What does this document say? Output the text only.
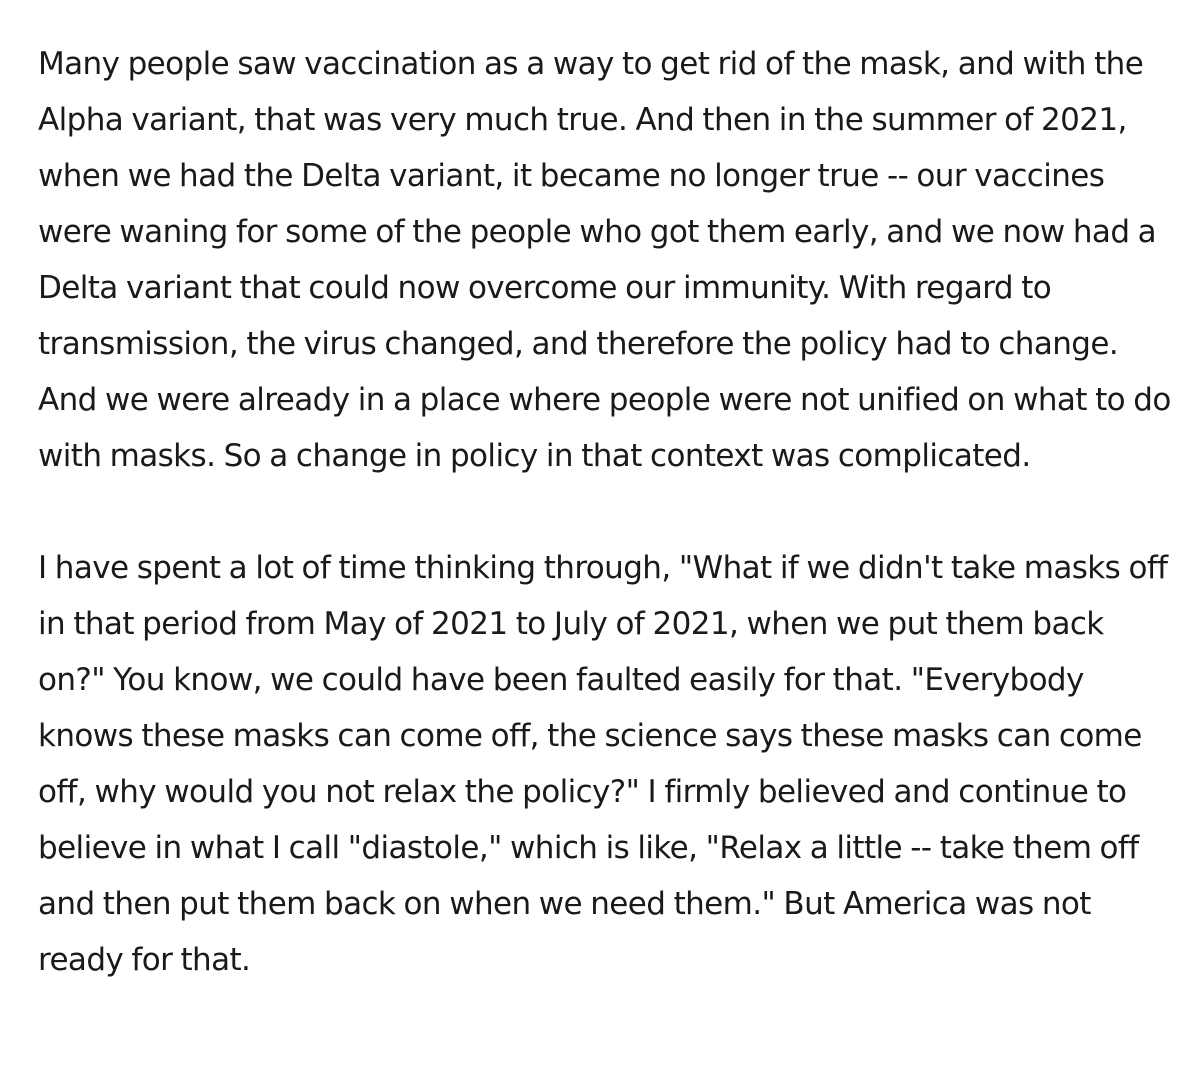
Many people saw vaccination as a way to get rid of the mask, and with the Alpha variant, that was very much true. And then in the summer of 2021, when we had the Delta variant, it became no longer true -- our vaccines were waning for some of the people who got them early, and we now had a Delta variant that could now overcome our immunity. With regard to transmission, the virus changed, and therefore the policy had to change. And we were already in a place where people were not unified on what to do with masks. So a change in policy in that context was complicated.

I have spent a lot of time thinking through, "What if we didn't take masks off in that period from May of 2021 to July of 2021, when we put them back on?" You know, we could have been faulted easily for that. "Everybody knows these masks can come off, the science says these masks can come off, why would you not relax the policy?" I firmly believed and continue to believe in what I call "diastole," which is like, "Relax a little -- take them off and then put them back on when we need them." But America was not ready for that.
